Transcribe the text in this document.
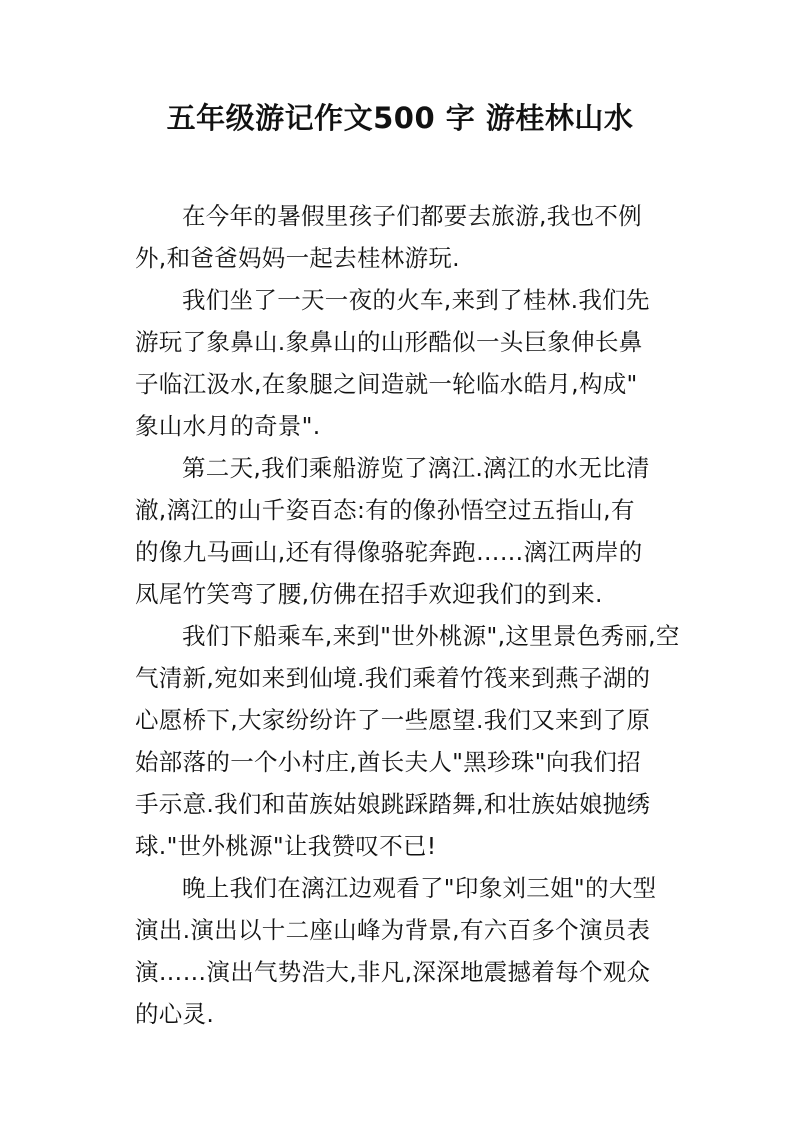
五年级游记作文500 字 游桂林山水
在今年的暑假里孩子们都要去旅游,我也不例
外,和爸爸妈妈一起去桂林游玩.
我们坐了一天一夜的火车,来到了桂林.我们先
游玩了象鼻山.象鼻山的山形酷似一头巨象伸长鼻
子临江汲水,在象腿之间造就一轮临水皓月,构成"
象山水月的奇景".
第二天,我们乘船游览了漓江.漓江的水无比清
澈,漓江的山千姿百态:有的像孙悟空过五指山,有
的像九马画山,还有得像骆驼奔跑……漓江两岸的
凤尾竹笑弯了腰,仿佛在招手欢迎我们的到来.
我们下船乘车,来到"世外桃源",这里景色秀丽,空
气清新,宛如来到仙境.我们乘着竹筏来到燕子湖的
心愿桥下,大家纷纷许了一些愿望.我们又来到了原
始部落的一个小村庄,酋长夫人"黑珍珠"向我们招
手示意.我们和苗族姑娘跳踩踏舞,和壮族姑娘抛绣
球."世外桃源"让我赞叹不已!
晚上我们在漓江边观看了"印象刘三姐"的大型
演出.演出以十二座山峰为背景,有六百多个演员表
演……演出气势浩大,非凡,深深地震撼着每个观众
的心灵.
